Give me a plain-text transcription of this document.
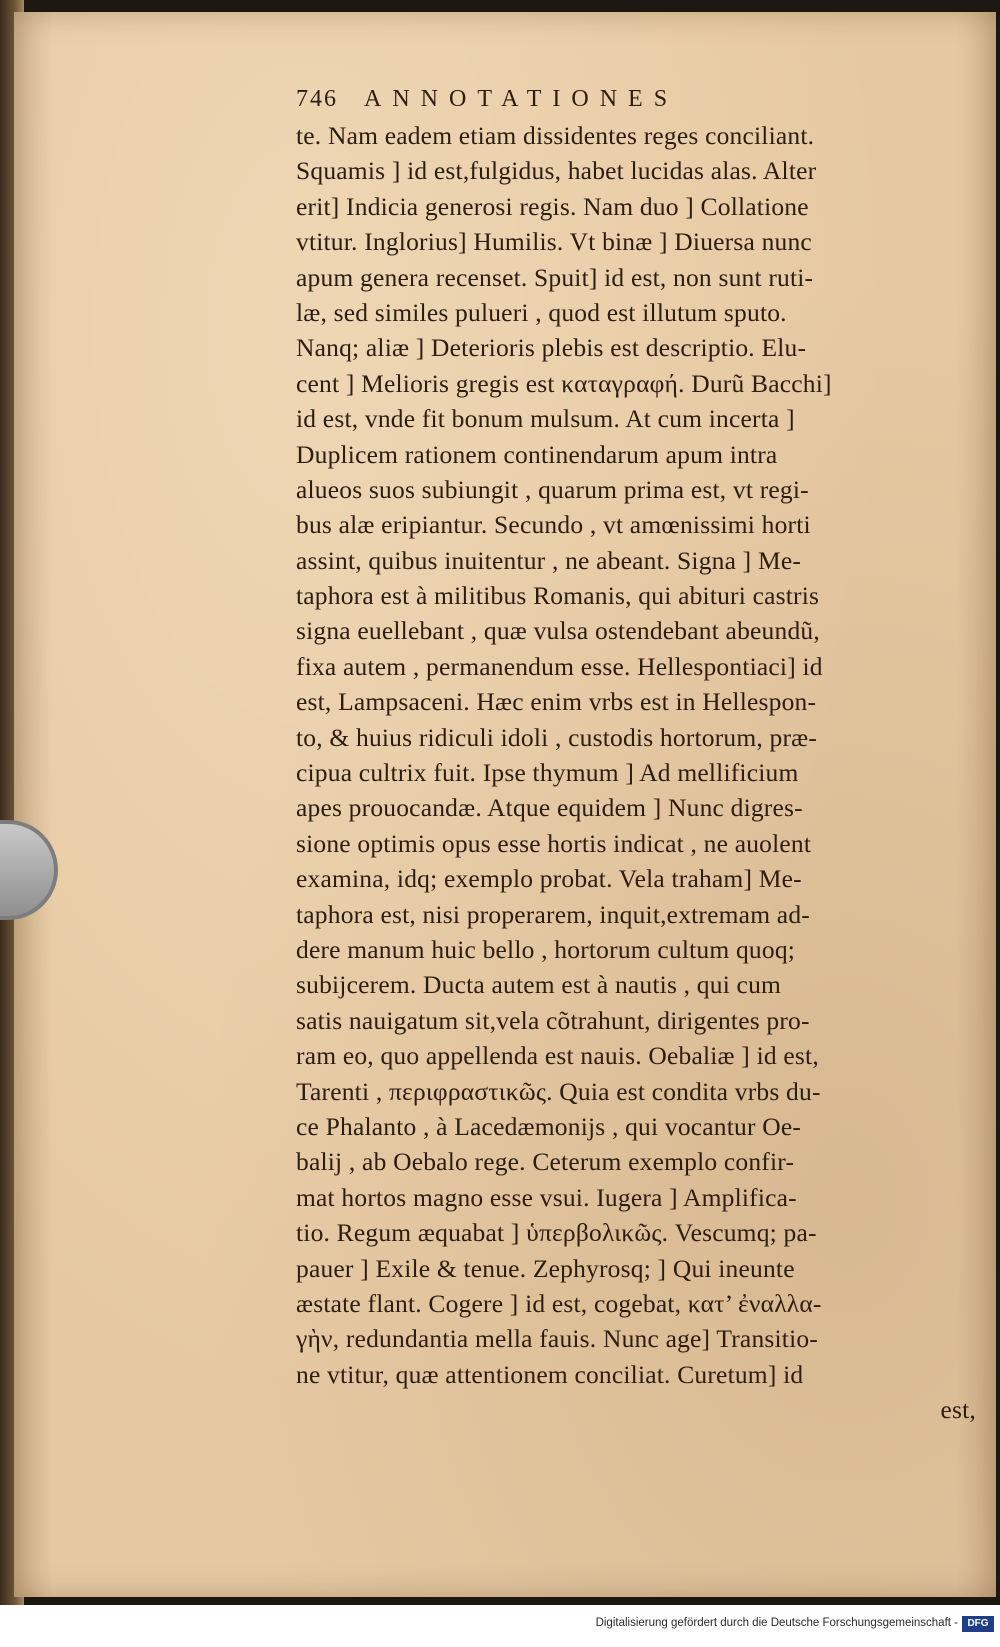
746 ANNOTATIONES
te. Nam eadem etiam dissidentes reges conciliant.
Squamis ] id est,fulgidus, habet lucidas alas. Alter
erit] Indicia generosi regis. Nam duo ] Collatione
vtitur. Inglorius] Humilis. Vt binæ ] Diuersa nunc
apum genera recenset. Spuit] id est, non sunt ruti-
læ, sed similes pulueri , quod est illutum sputo.
Nanq; aliæ ] Deterioris plebis est descriptio. Elu-
cent ] Melioris gregis est καταγραφή. Durũ Bacchi]
id est, vnde fit bonum mulsum. At cum incerta ]
Duplicem rationem continendarum apum intra
alueos suos subiungit , quarum prima est, vt regi-
bus alæ eripiantur. Secundo , vt amœnissimi horti
assint, quibus inuitentur , ne abeant. Signa ] Me-
taphora est à militibus Romanis, qui abituri castris
signa euellebant , quæ vulsa ostendebant abeundũ,
fixa autem , permanendum esse. Hellespontiaci] id
est, Lampsaceni. Hæc enim vrbs est in Hellespon-
to, & huius ridiculi idoli , custodis hortorum, præ-
cipua cultrix fuit. Ipse thymum ] Ad mellificium
apes prouocandæ. Atque equidem ] Nunc digres-
sione optimis opus esse hortis indicat , ne auolent
examina, idq; exemplo probat. Vela traham] Me-
taphora est, nisi properarem, inquit,extremam ad-
dere manum huic bello , hortorum cultum quoq;
subijcerem. Ducta autem est à nautis , qui cum
satis nauigatum sit,vela cõtrahunt, dirigentes pro-
ram eo, quo appellenda est nauis. Oebaliæ ] id est,
Tarenti , περιφραστικῶς. Quia est condita vrbs du-
ce Phalanto , à Lacedæmonijs , qui vocantur Oe-
balij , ab Oebalo rege. Ceterum exemplo confir-
mat hortos magno esse vsui. Iugera ] Amplifica-
tio. Regum æquabat ] ὑπερβολικῶς. Vescumq; pa-
pauer ] Exile & tenue. Zephyrosq; ] Qui ineunte
æstate flant. Cogere ] id est, cogebat, κατ’ ἐναλλα-
γὴν, redundantia mella fauis. Nunc age] Transitio-
ne vtitur, quæ attentionem conciliat. Curetum] id
est,
Digitalisierung gefördert durch die Deutsche Forschungsgemeinschaft - DFG
